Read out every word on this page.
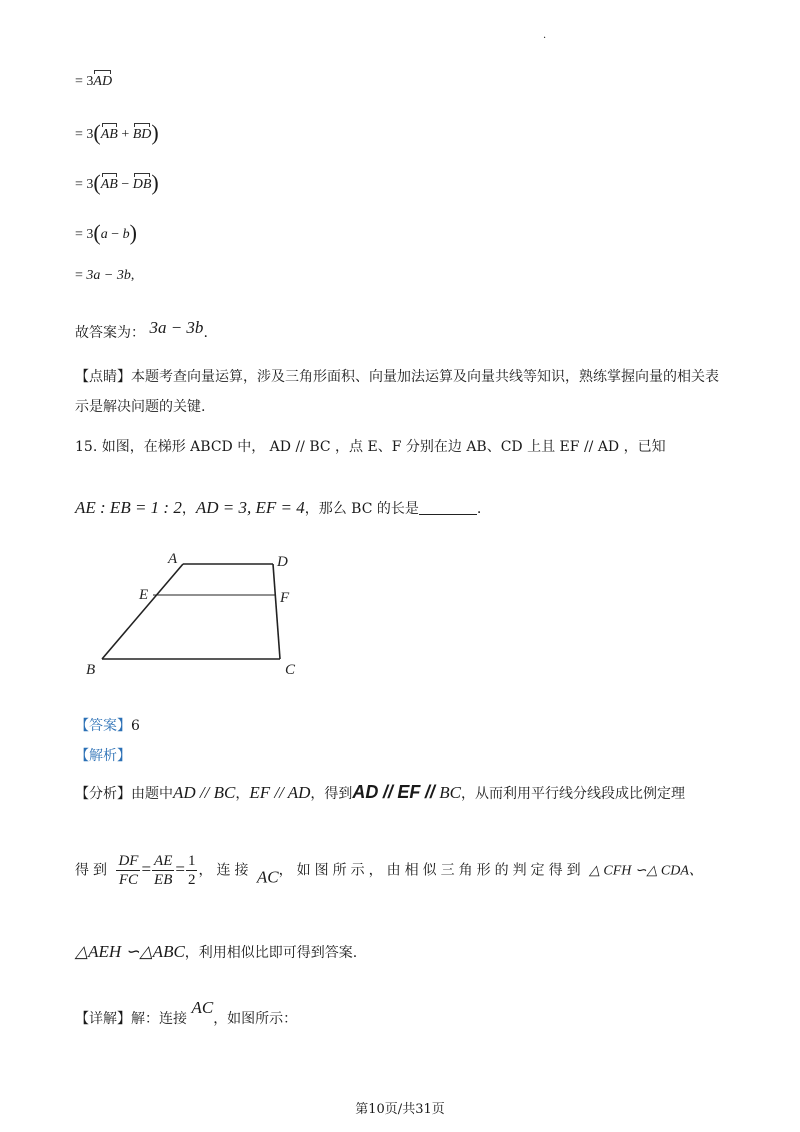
.
= 3AD
= 3(AB + BD)
= 3(AB − DB)
= 3(a − b)
= 3a − 3b,
故答案为： 3a − 3b.
【点睛】本题考查向量运算，涉及三角形面积、向量加法运算及向量共线等知识，熟练掌握向量的相关表
示是解决问题的关键.
15. 如图，在梯形 ABCD 中， AD // BC ，点 E、F 分别在边 AB、CD 上且 EF // AD ，已知
AE : EB = 1 : 2，AD = 3, EF = 4，那么 BC 的长是	.
A	D
E	F
B	C
【答案】6
【解析】
【分析】由题中AD // BC，EF // AD，得到AD // EF // BC，从而利用平行线分线段成比例定理
得到 $\frac{DF}{FC} = \frac{AE}{EB} = \frac{1}{2}$ ，连接 AC，如图所示，由相似三角形的判定得到 △ CFH ∽△ CDA、
△AEH ∽△ABC，利用相似比即可得到答案.
【详解】解：连接 AC，如图所示：
第10页/共31页
